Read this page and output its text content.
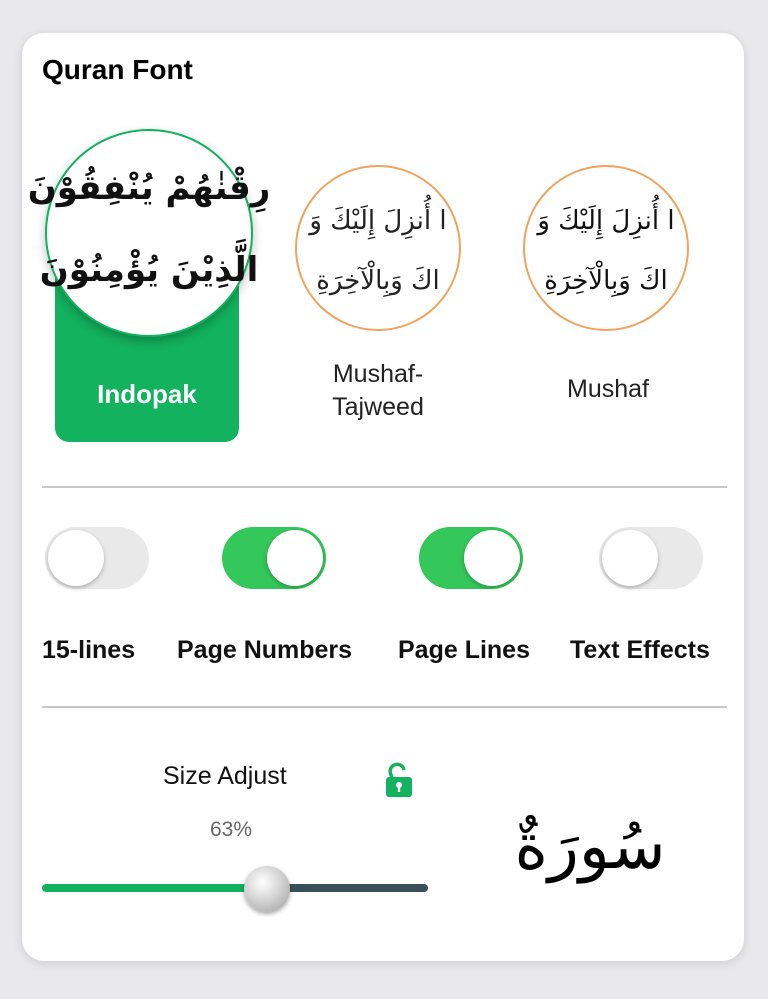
Quran Font
رِقْنٰهُمْ يُنْفِقُوْنَ
الَّذِيْنَ يُؤْمِنُوْنَ
Indopak
ا أُنزِلَ إِلَيْكَ وَ
اكَ وَبِالْآخِرَةِ
Mushaf-
Tajweed
ا أُنزِلَ إِلَيْكَ وَ
اكَ وَبِالْآخِرَةِ
Mushaf
15-lines Page Numbers Page Lines Text Effects
Size Adjust
63%	سُورَةٌ
